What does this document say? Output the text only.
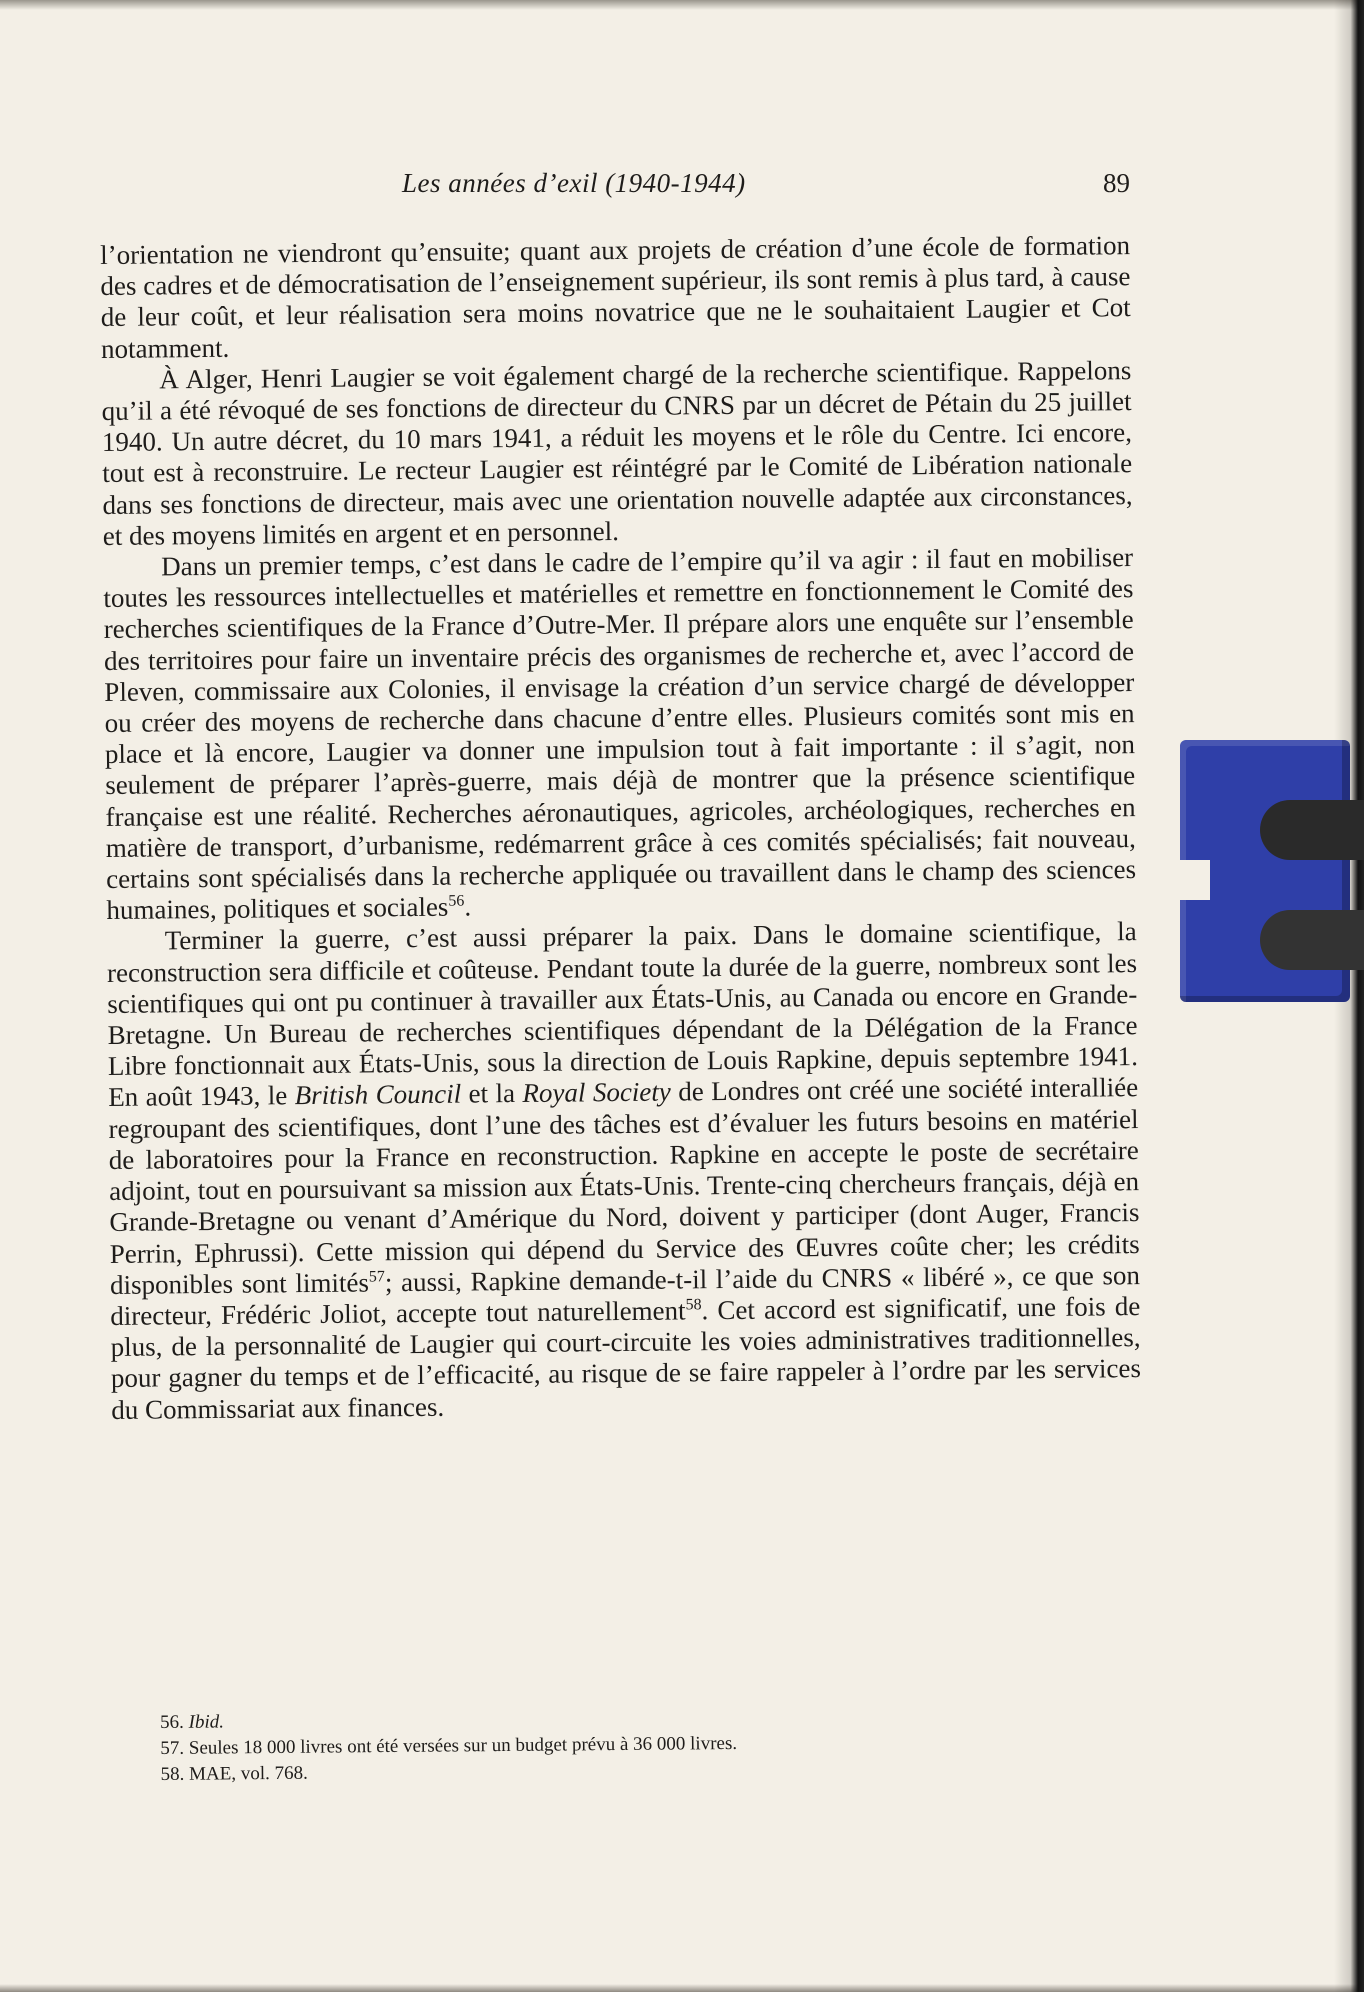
Les années d’exil (1940-1944)	89

l’orientation ne viendront qu’ensuite; quant aux projets de création d’une école de formation des cadres et de démocratisation de l’enseignement supérieur, ils sont remis à plus tard, à cause de leur coût, et leur réalisation sera moins novatrice que ne le souhaitaient Laugier et Cot notamment.

À Alger, Henri Laugier se voit également chargé de la recherche scientifique. Rappelons qu’il a été révoqué de ses fonctions de directeur du CNRS par un décret de Pétain du 25 juillet 1940. Un autre décret, du 10 mars 1941, a réduit les moyens et le rôle du Centre. Ici encore, tout est à reconstruire. Le recteur Laugier est réintégré par le Comité de Libération nationale dans ses fonctions de directeur, mais avec une orientation nouvelle adaptée aux circonstances, et des moyens limités en argent et en personnel.

Dans un premier temps, c’est dans le cadre de l’empire qu’il va agir : il faut en mobiliser toutes les ressources intellectuelles et matérielles et remettre en fonctionnement le Comité des recherches scientifiques de la France d’Outre-Mer. Il prépare alors une enquête sur l’ensemble des territoires pour faire un inventaire précis des organismes de recherche et, avec l’accord de Pleven, commissaire aux Colonies, il envisage la création d’un service chargé de développer ou créer des moyens de recherche dans chacune d’entre elles. Plusieurs comités sont mis en place et là encore, Laugier va donner une impulsion tout à fait importante : il s’agit, non seulement de préparer l’après-guerre, mais déjà de montrer que la présence scientifique française est une réalité. Recherches aéronautiques, agricoles, archéologiques, recherches en matière de transport, d’urbanisme, redémarrent grâce à ces comités spécialisés; fait nouveau, certains sont spécialisés dans la recherche appliquée ou travaillent dans le champ des sciences humaines, politiques et sociales$^{56}$.

Terminer la guerre, c’est aussi préparer la paix. Dans le domaine scientifique, la reconstruction sera difficile et coûteuse. Pendant toute la durée de la guerre, nombreux sont les scientifiques qui ont pu continuer à travailler aux États-Unis, au Canada ou encore en Grande-Bretagne. Un Bureau de recherches scientifiques dépendant de la Délégation de la France Libre fonctionnait aux États-Unis, sous la direction de Louis Rapkine, depuis septembre 1941. En août 1943, le British Council et la Royal Society de Londres ont créé une société interalliée regroupant des scientifiques, dont l’une des tâches est d’évaluer les futurs besoins en matériel de laboratoires pour la France en reconstruction. Rapkine en accepte le poste de secrétaire adjoint, tout en poursuivant sa mission aux États-Unis. Trente-cinq chercheurs français, déjà en Grande-Bretagne ou venant d’Amérique du Nord, doivent y participer (dont Auger, Francis Perrin, Ephrussi). Cette mission qui dépend du Service des Œuvres coûte cher; les crédits disponibles sont limités$^{57}$; aussi, Rapkine demande-t-il l’aide du CNRS « libéré », ce que son directeur, Frédéric Joliot, accepte tout naturellement$^{58}$. Cet accord est significatif, une fois de plus, de la personnalité de Laugier qui court-circuite les voies administratives traditionnelles, pour gagner du temps et de l’efficacité, au risque de se faire rappeler à l’ordre par les services du Commissariat aux finances.

56. Ibid.
57. Seules 18 000 livres ont été versées sur un budget prévu à 36 000 livres.
58. MAE, vol. 768.
